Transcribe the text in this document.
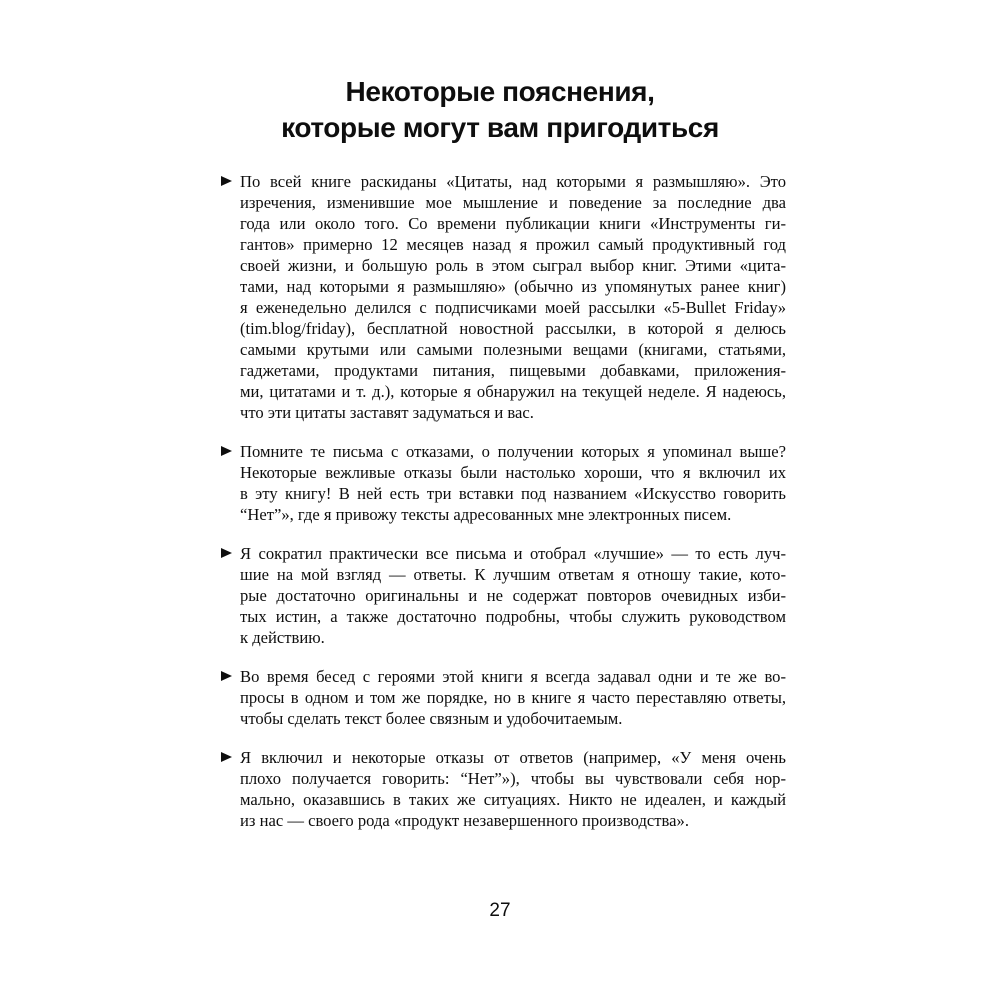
Некоторые пояснения,
которые могут вам пригодиться
По всей книге раскиданы «Цитаты, над которыми я размышляю». Это
изречения, изменившие мое мышление и поведение за последние два
года или около того. Со времени публикации книги «Инструменты ги-
гантов» примерно 12 месяцев назад я прожил самый продуктивный год
своей жизни, и большую роль в этом сыграл выбор книг. Этими «цита-
тами, над которыми я размышляю» (обычно из упомянутых ранее книг)
я еженедельно делился с подписчиками моей рассылки «5-Bullet Friday»
(tim.blog/friday), бесплатной новостной рассылки, в которой я делюсь
самыми крутыми или самыми полезными вещами (книгами, статьями,
гаджетами, продуктами питания, пищевыми добавками, приложения-
ми, цитатами и т. д.), которые я обнаружил на текущей неделе. Я надеюсь,
что эти цитаты заставят задуматься и вас.
Помните те письма с отказами, о получении которых я упоминал выше?
Некоторые вежливые отказы были настолько хороши, что я включил их
в эту книгу! В ней есть три вставки под названием «Искусство говорить
“Нет”», где я привожу тексты адресованных мне электронных писем.
Я сократил практически все письма и отобрал «лучшие» — то есть луч-
шие на мой взгляд — ответы. К лучшим ответам я отношу такие, кото-
рые достаточно оригинальны и не содержат повторов очевидных изби-
тых истин, а также достаточно подробны, чтобы служить руководством
к действию.
Во время бесед с героями этой книги я всегда задавал одни и те же во-
просы в одном и том же порядке, но в книге я часто переставляю ответы,
чтобы сделать текст более связным и удобочитаемым.
Я включил и некоторые отказы от ответов (например, «У меня очень
плохо получается говорить: “Нет”»), чтобы вы чувствовали себя нор-
мально, оказавшись в таких же ситуациях. Никто не идеален, и каждый
из нас — своего рода «продукт незавершенного производства».
27
